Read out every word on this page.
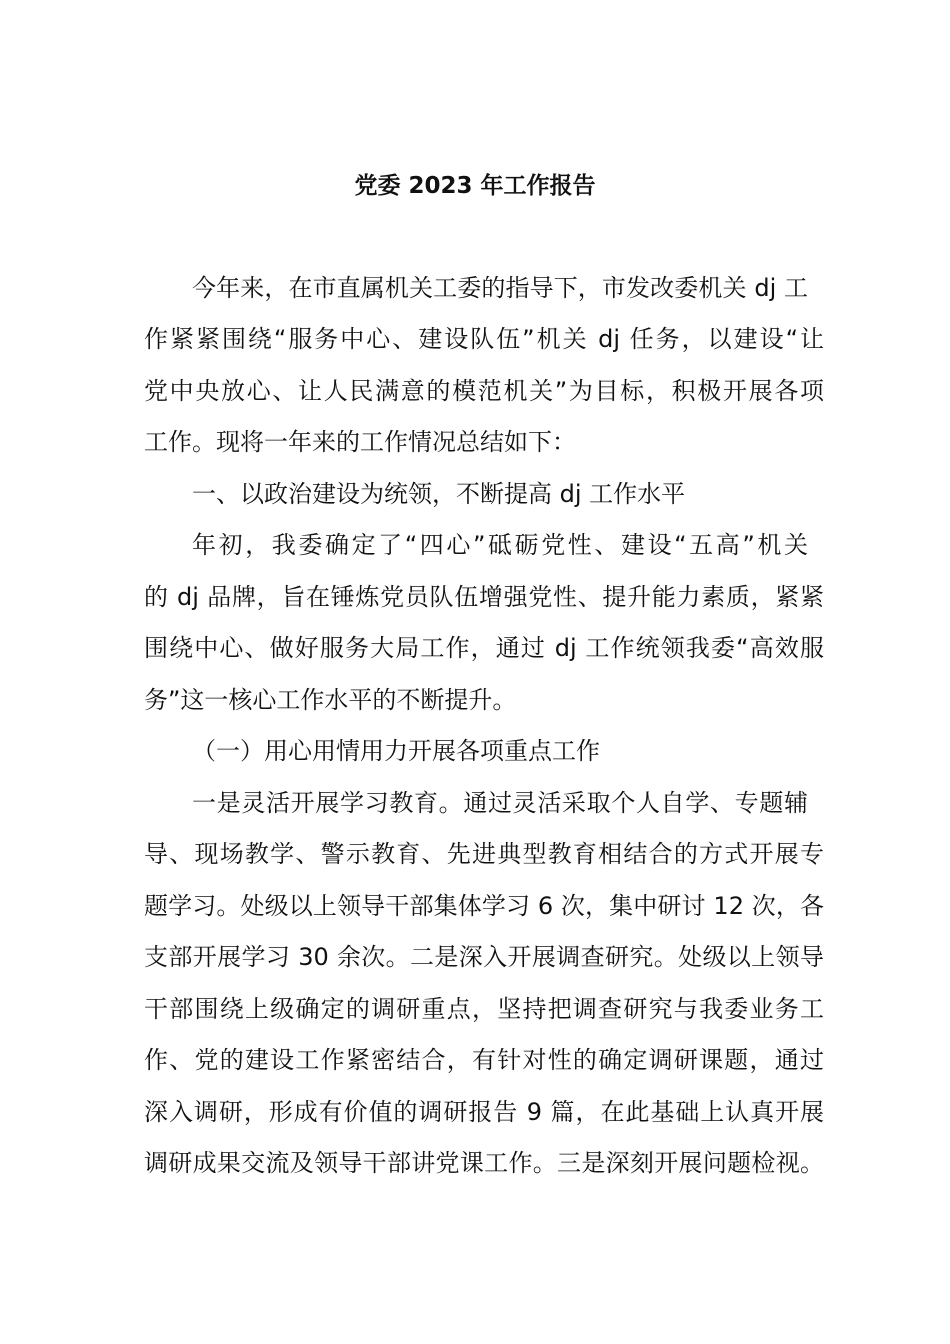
党委 2023 年工作报告

今年来，在市直属机关工委的指导下，市发改委机关 dj 工

作紧紧围绕“服务中心、建设队伍”机关 dj 任务，以建设“让

党中央放心、让人民满意的模范机关”为目标，积极开展各项

工作。现将一年来的工作情况总结如下：

一、以政治建设为统领，不断提高 dj 工作水平

年初，我委确定了“四心”砥砺党性、建设“五高”机关

的 dj 品牌，旨在锤炼党员队伍增强党性、提升能力素质，紧紧

围绕中心、做好服务大局工作，通过 dj 工作统领我委“高效服

务”这一核心工作水平的不断提升。

（一）用心用情用力开展各项重点工作

一是灵活开展学习教育。通过灵活采取个人自学、专题辅

导、现场教学、警示教育、先进典型教育相结合的方式开展专

题学习。处级以上领导干部集体学习 6 次，集中研讨 12 次，各

支部开展学习 30 余次。二是深入开展调查研究。处级以上领导

干部围绕上级确定的调研重点，坚持把调查研究与我委业务工

作、党的建设工作紧密结合，有针对性的确定调研课题，通过

深入调研，形成有价值的调研报告 9 篇，在此基础上认真开展

调研成果交流及领导干部讲党课工作。三是深刻开展问题检视。
